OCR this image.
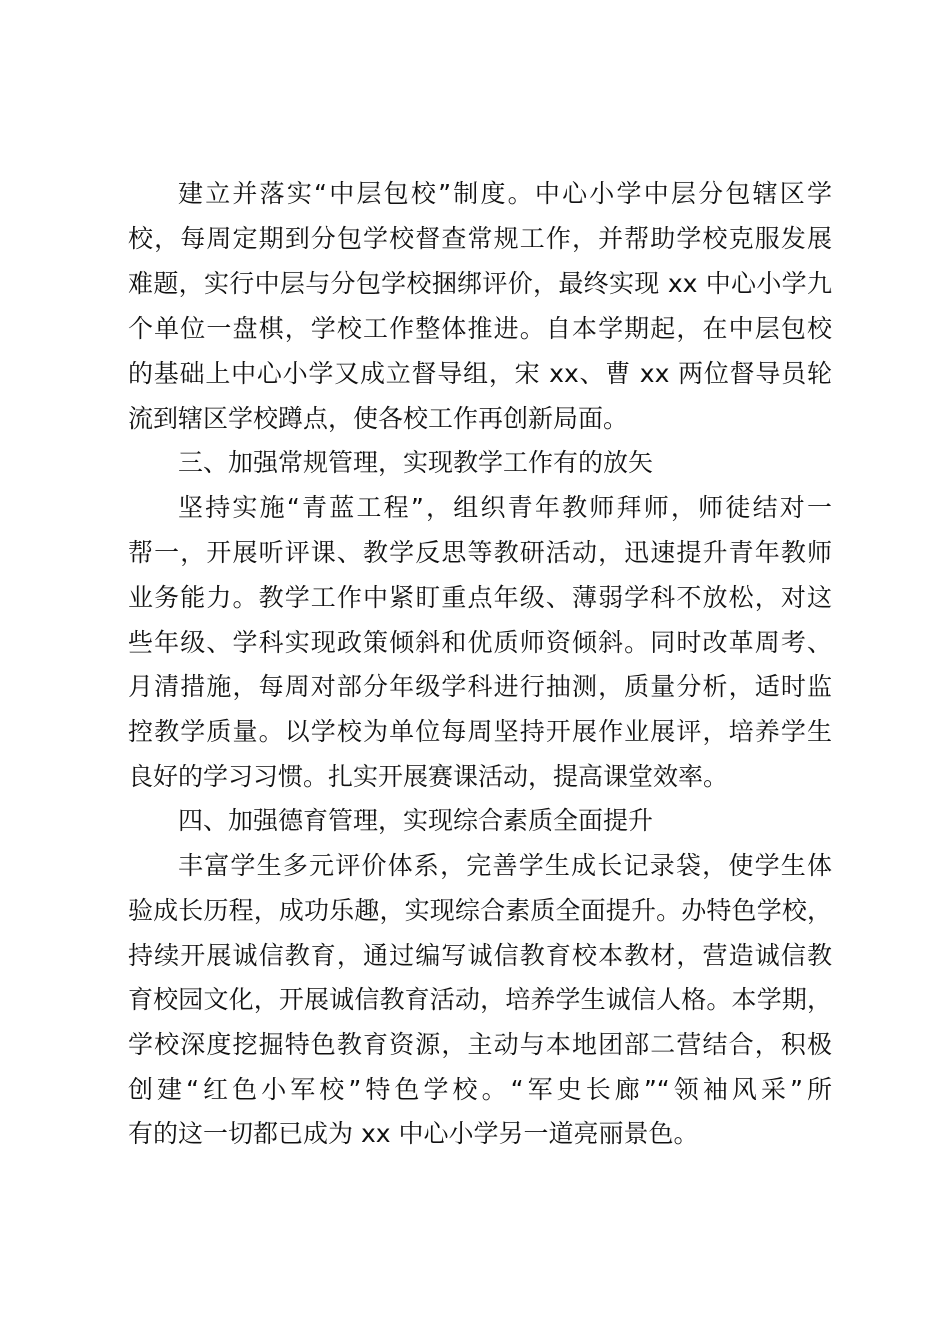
建立并落实“中层包校”制度。中心小学中层分包辖区学
校，每周定期到分包学校督查常规工作，并帮助学校克服发展
难题，实行中层与分包学校捆绑评价，最终实现 xx 中心小学九
个单位一盘棋，学校工作整体推进。自本学期起，在中层包校
的基础上中心小学又成立督导组，宋 xx、曹 xx 两位督导员轮
流到辖区学校蹲点，使各校工作再创新局面。
三、加强常规管理，实现教学工作有的放矢
坚持实施“青蓝工程”，组织青年教师拜师，师徒结对一
帮一，开展听评课、教学反思等教研活动，迅速提升青年教师
业务能力。教学工作中紧盯重点年级、薄弱学科不放松，对这
些年级、学科实现政策倾斜和优质师资倾斜。同时改革周考、
月清措施，每周对部分年级学科进行抽测，质量分析，适时监
控教学质量。以学校为单位每周坚持开展作业展评，培养学生
良好的学习习惯。扎实开展赛课活动，提高课堂效率。
四、加强德育管理，实现综合素质全面提升
丰富学生多元评价体系，完善学生成长记录袋，使学生体
验成长历程，成功乐趣，实现综合素质全面提升。办特色学校，
持续开展诚信教育，通过编写诚信教育校本教材，营造诚信教
育校园文化，开展诚信教育活动，培养学生诚信人格。本学期，
学校深度挖掘特色教育资源，主动与本地团部二营结合，积极
创建“红色小军校”特色学校。“军史长廊”“领袖风采”所
有的这一切都已成为 xx 中心小学另一道亮丽景色。
